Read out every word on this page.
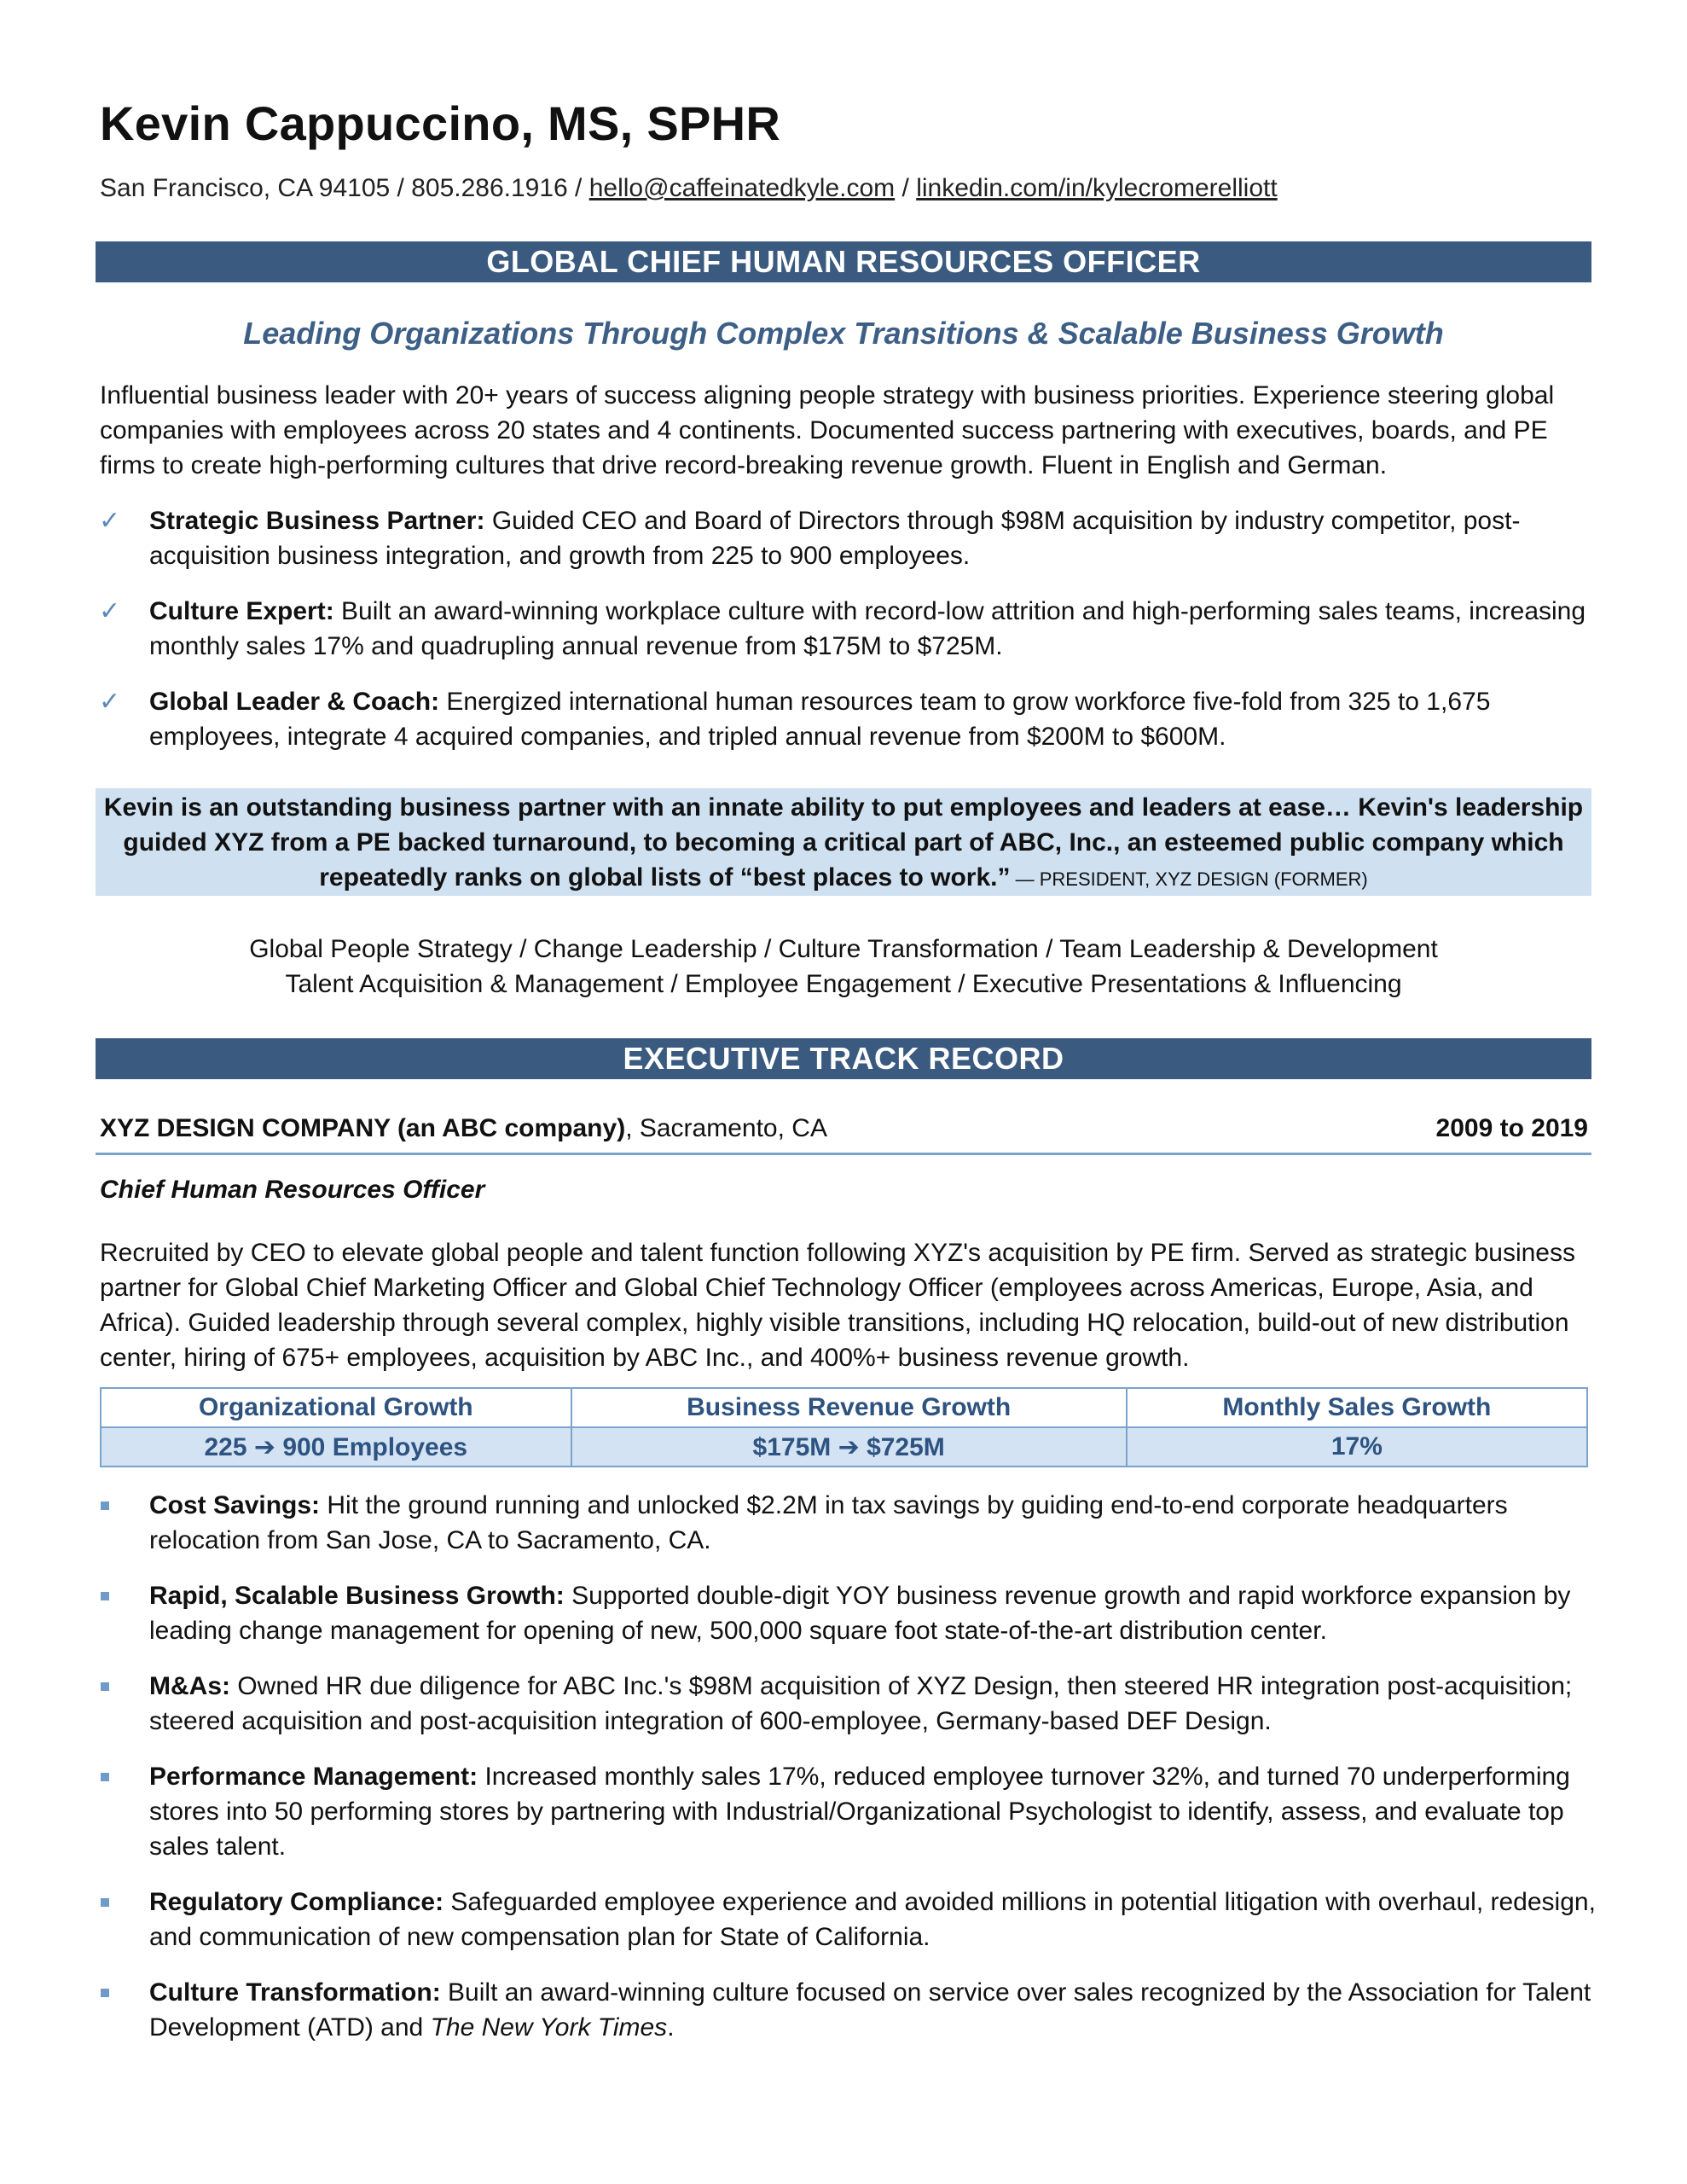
Kevin Cappuccino, MS, SPHR
San Francisco, CA 94105 / 805.286.1916 / hello@caffeinatedkyle.com / linkedin.com/in/kylecromerelliott
GLOBAL CHIEF HUMAN RESOURCES OFFICER
Leading Organizations Through Complex Transitions & Scalable Business Growth
Influential business leader with 20+ years of success aligning people strategy with business priorities. Experience steering global companies with employees across 20 states and 4 continents. Documented success partnering with executives, boards, and PE firms to create high-performing cultures that drive record-breaking revenue growth. Fluent in English and German.
✓ Strategic Business Partner: Guided CEO and Board of Directors through $98M acquisition by industry competitor, post-acquisition business integration, and growth from 225 to 900 employees.
✓ Culture Expert: Built an award-winning workplace culture with record-low attrition and high-performing sales teams, increasing monthly sales 17% and quadrupling annual revenue from $175M to $725M.
✓ Global Leader & Coach: Energized international human resources team to grow workforce five-fold from 325 to 1,675 employees, integrate 4 acquired companies, and tripled annual revenue from $200M to $600M.
Kevin is an outstanding business partner with an innate ability to put employees and leaders at ease… Kevin's leadership guided XYZ from a PE backed turnaround, to becoming a critical part of ABC, Inc., an esteemed public company which repeatedly ranks on global lists of “best places to work.” — PRESIDENT, XYZ DESIGN (FORMER)
Global People Strategy / Change Leadership / Culture Transformation / Team Leadership & Development
Talent Acquisition & Management / Employee Engagement / Executive Presentations & Influencing
EXECUTIVE TRACK RECORD
XYZ DESIGN COMPANY (an ABC company), Sacramento, CA	2009 to 2019
Chief Human Resources Officer
Recruited by CEO to elevate global people and talent function following XYZ's acquisition by PE firm. Served as strategic business partner for Global Chief Marketing Officer and Global Chief Technology Officer (employees across Americas, Europe, Asia, and Africa). Guided leadership through several complex, highly visible transitions, including HQ relocation, build-out of new distribution center, hiring of 675+ employees, acquisition by ABC Inc., and 400%+ business revenue growth.
Organizational Growth	Business Revenue Growth	Monthly Sales Growth
225 ➔ 900 Employees	$175M ➔ $725M	17%
Cost Savings: Hit the ground running and unlocked $2.2M in tax savings by guiding end-to-end corporate headquarters relocation from San Jose, CA to Sacramento, CA.
Rapid, Scalable Business Growth: Supported double-digit YOY business revenue growth and rapid workforce expansion by leading change management for opening of new, 500,000 square foot state-of-the-art distribution center.
M&As: Owned HR due diligence for ABC Inc.'s $98M acquisition of XYZ Design, then steered HR integration post-acquisition; steered acquisition and post-acquisition integration of 600-employee, Germany-based DEF Design.
Performance Management: Increased monthly sales 17%, reduced employee turnover 32%, and turned 70 underperforming stores into 50 performing stores by partnering with Industrial/Organizational Psychologist to identify, assess, and evaluate top sales talent.
Regulatory Compliance: Safeguarded employee experience and avoided millions in potential litigation with overhaul, redesign, and communication of new compensation plan for State of California.
Culture Transformation: Built an award-winning culture focused on service over sales recognized by the Association for Talent Development (ATD) and The New York Times.
